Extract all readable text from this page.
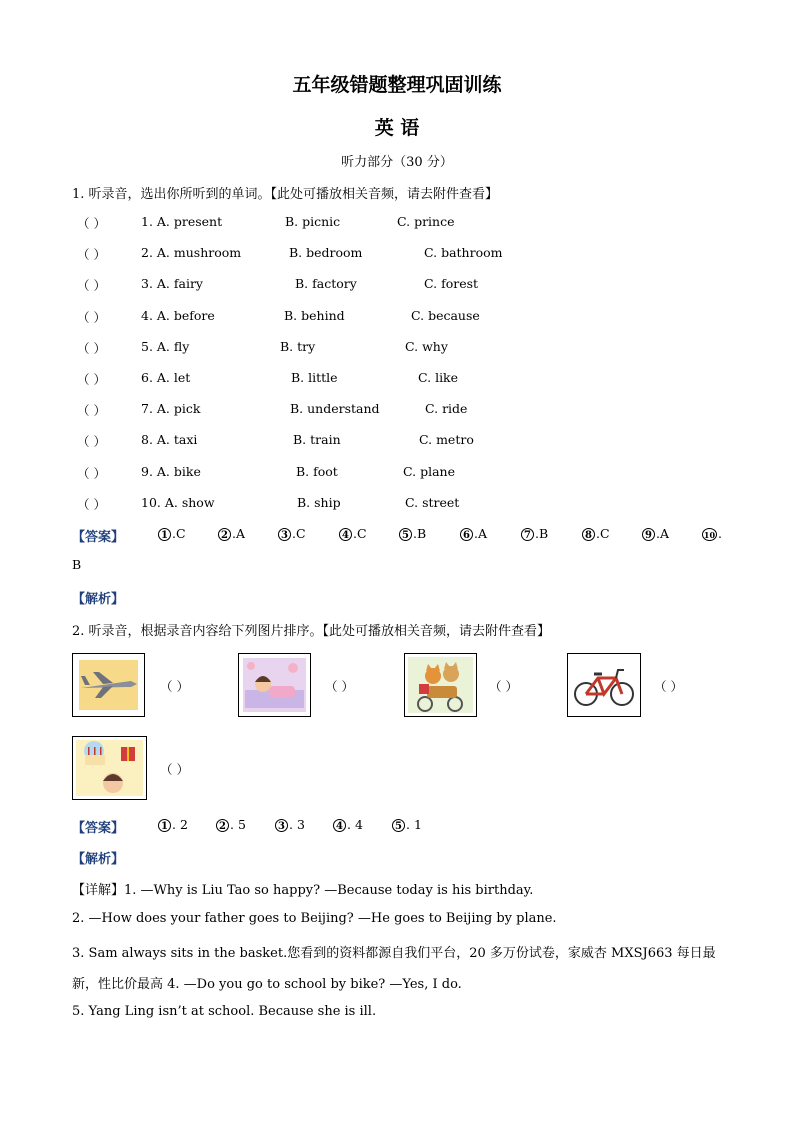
五年级错题整理巩固训练
英 语
听力部分（30 分）
1. 听录音，选出你所听到的单词。【此处可播放相关音频，请去附件查看】
（ ）	1. A. present	B. picnic	C. prince
（ ）	2. A. mushroom	B. bedroom	C. bathroom
（ ）	3. A. fairy	B. factory	C. forest
（ ）	4. A. before	B. behind	C. because
（ ）	5. A. fly	B. try	C. why
（ ）	6. A. let	B. little	C. like
（ ）	7. A. pick	B. understand	C. ride
（ ）	8. A. taxi	B. train	C. metro
（ ）	9. A. bike	B. foot	C. plane
（ ）	10. A. show	B. ship	C. street
【答案】	1 .C	2 .A	3 .C	4 .C	5 .B	6 .A	7 .B	8 .C	9 .A	10 .
B
【解析】
2. 听录音，根据录音内容给下列图片排序。【此处可播放相关音频，请去附件查看】
（ ）	（ ）	（ ）	（ ）
（ ）
【答案】	1 . 2	2 . 5	3 . 3	4 . 4	5 . 1
【解析】
【详解】1. —Why is Liu Tao so happy? —Because today is his birthday.
2. —How does your father goes to Beijing? —He goes to Beijing by plane.
3. Sam always sits in the basket.您看到的资料都源自我们平台，20 多万份试卷，家威杏 MXSJ663 每日最
新，性比价最高 4. —Do you go to school by bike? —Yes, I do.
5. Yang Ling isn’t at school. Because she is ill.
